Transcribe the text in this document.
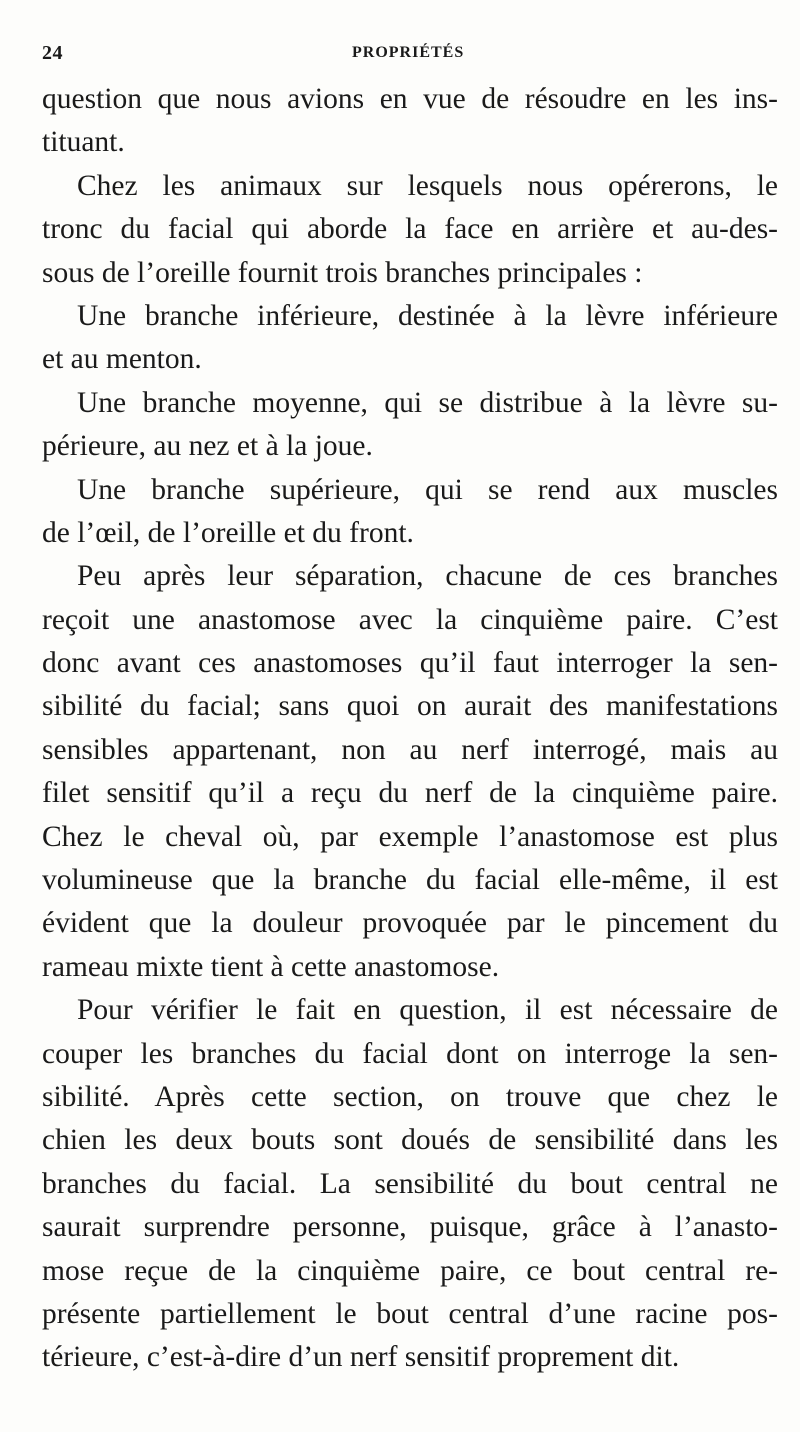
24	PROPRIÉTÉS
question que nous avions en vue de résoudre en les ins-
tituant.
Chez les animaux sur lesquels nous opérerons, le
tronc du facial qui aborde la face en arrière et au-des-
sous de l’oreille fournit trois branches principales :
Une branche inférieure, destinée à la lèvre inférieure
et au menton.
Une branche moyenne, qui se distribue à la lèvre su-
périeure, au nez et à la joue.
Une branche supérieure, qui se rend aux muscles
de l’œil, de l’oreille et du front.
Peu après leur séparation, chacune de ces branches
reçoit une anastomose avec la cinquième paire. C’est
donc avant ces anastomoses qu’il faut interroger la sen-
sibilité du facial; sans quoi on aurait des manifestations
sensibles appartenant, non au nerf interrogé, mais au
filet sensitif qu’il a reçu du nerf de la cinquième paire.
Chez le cheval où, par exemple l’anastomose est plus
volumineuse que la branche du facial elle-même, il est
évident que la douleur provoquée par le pincement du
rameau mixte tient à cette anastomose.
Pour vérifier le fait en question, il est nécessaire de
couper les branches du facial dont on interroge la sen-
sibilité. Après cette section, on trouve que chez le
chien les deux bouts sont doués de sensibilité dans les
branches du facial. La sensibilité du bout central ne
saurait surprendre personne, puisque, grâce à l’anasto-
mose reçue de la cinquième paire, ce bout central re-
présente partiellement le bout central d’une racine pos-
térieure, c’est-à-dire d’un nerf sensitif proprement dit.
